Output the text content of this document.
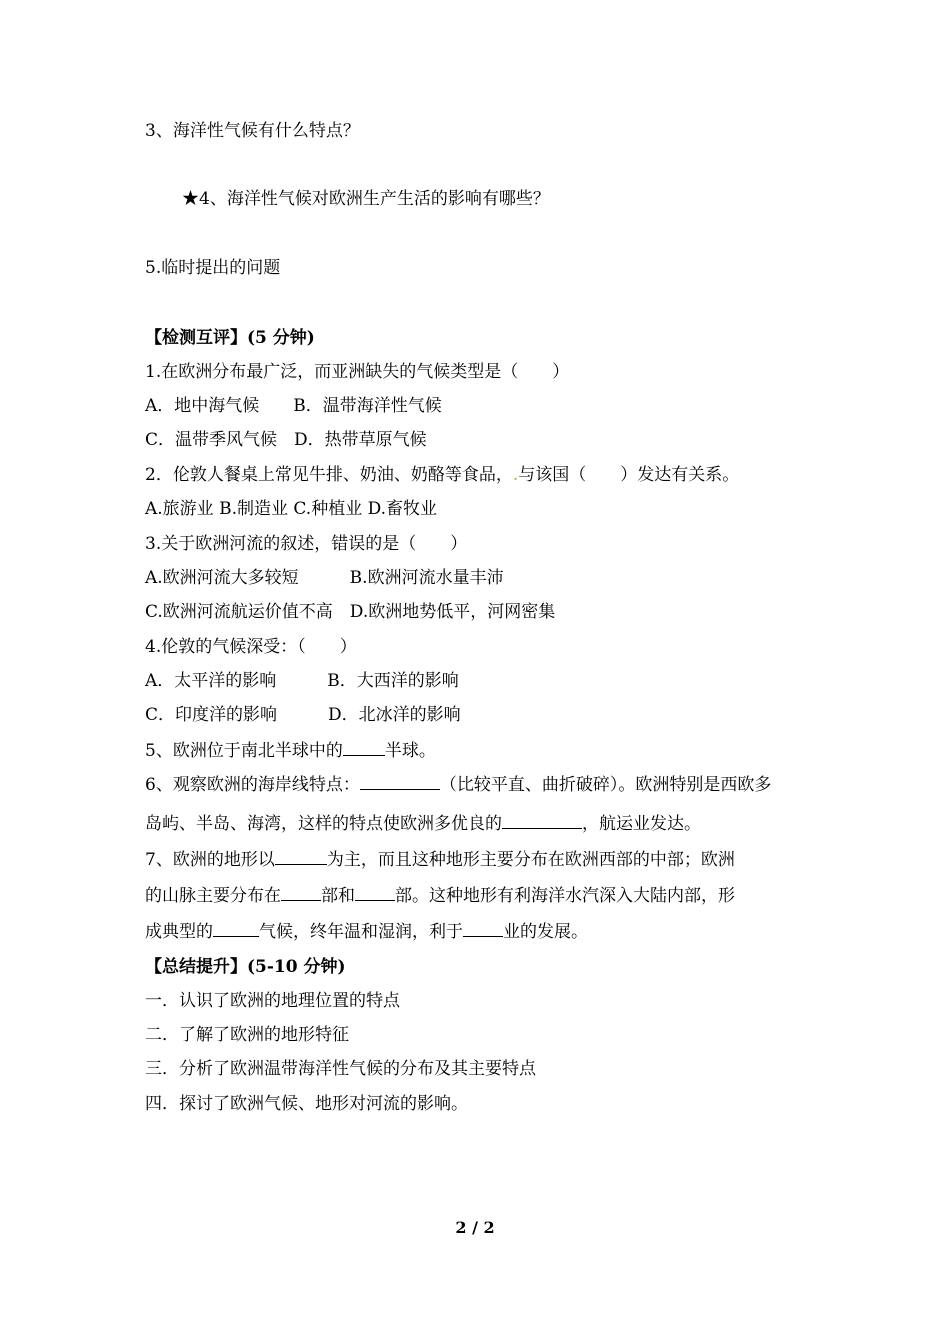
3、海洋性气候有什么特点？
★4、海洋性气候对欧洲生产生活的影响有哪些？
5.临时提出的问题
【检测互评】(5 分钟)
1.在欧洲分布最广泛，而亚洲缺失的气候类型是（　　）
A．地中海气候　　B．温带海洋性气候
C．温带季风气候　D．热带草原气候
2．伦敦人餐桌上常见牛排、奶油、奶酪等食品，.与该国（　　）发达有关系。
A.旅游业 B.制造业 C.种植业 D.畜牧业
3.关于欧洲河流的叙述，错误的是（　　）
A.欧洲河流大多较短　　　B.欧洲河流水量丰沛
C.欧洲河流航运价值不高　D.欧洲地势低平，河网密集
4.伦敦的气候深受：（　　）
A．太平洋的影响　　　B．大西洋的影响
C．印度洋的影响　　　D．北冰洋的影响
5、欧洲位于南北半球中的 半球。
6、观察欧洲的海岸线特点：	（比较平直、曲折破碎）。欧洲特别是西欧多
岛屿、半岛、海湾，这样的特点使欧洲多优良的	，航运业发达。
7、欧洲的地形以	为主，而且这种地形主要分布在欧洲西部的中部；欧洲
的山脉主要分布在 部和 部。这种地形有利海洋水汽深入大陆内部，形
成典型的	气候，终年温和湿润，利于 业的发展。
【总结提升】(5-10 分钟)
一．认识了欧洲的地理位置的特点
二．了解了欧洲的地形特征
三．分析了欧洲温带海洋性气候的分布及其主要特点
四．探讨了欧洲气候、地形对河流的影响。
2 / 2
